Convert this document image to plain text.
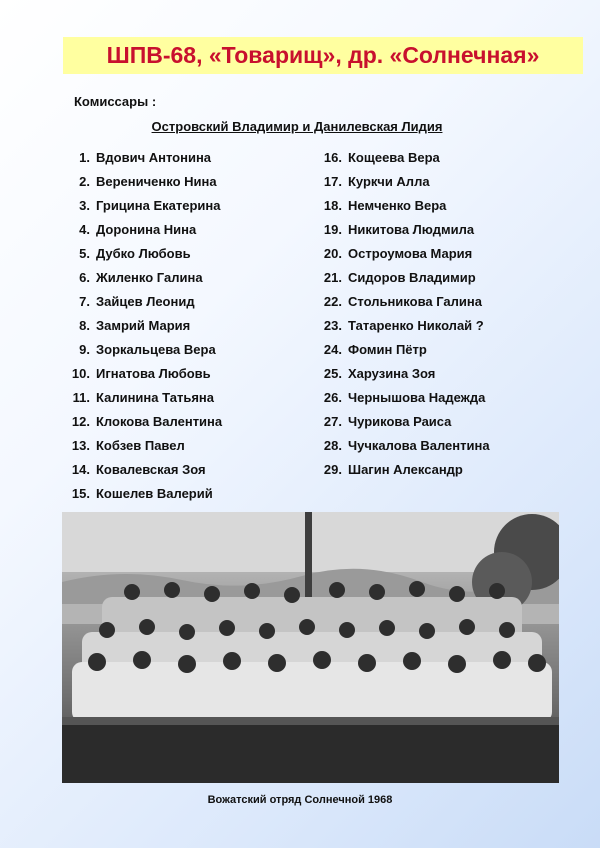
ШПВ-68, «Товарищ», др. «Солнечная»
Комиссары :
Островский Владимир и Данилевская Лидия
1. Вдович Антонина
2. Верениченко Нина
3. Грицина Екатерина
4. Доронина Нина
5. Дубко Любовь
6. Жиленко Галина
7. Зайцев Леонид
8. Замрий Мария
9. Зоркальцева Вера
10. Игнатова Любовь
11. Калинина Татьяна
12. Клокова Валентина
13. Кобзев Павел
14. Ковалевская Зоя
15. Кошелев Валерий
16. Кощеева Вера
17. Куркчи Алла
18. Немченко Вера
19. Никитова Людмила
20. Остроумова Мария
21. Сидоров Владимир
22. Стольникова Галина
23. Татаренко Николай ?
24. Фомин Пётр
25. Харузина Зоя
26. Чернышова Надежда
27. Чурикова Раиса
28. Чучкалова Валентина
29. Шагин Александр
Вожатский отряд Солнечной 1968
